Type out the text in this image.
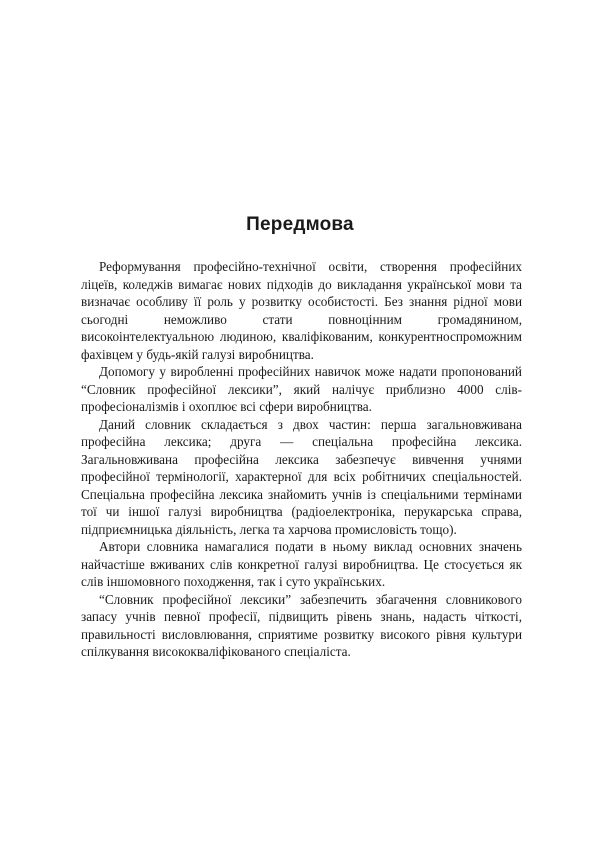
Передмова

Реформування професійно-технічної освіти, створення професійних ліцеїв, коледжів вимагає нових підходів до викладання української мови та визначає особливу її роль у розвитку особистості. Без знання рідної мови сьогодні неможливо стати повноцінним громадянином, високоінтелектуальною людиною, кваліфікованим, конкурентноспроможним фахівцем у будь-якій галузі виробництва.

Допомогу у виробленні професійних навичок може надати пропонований “Словник професійної лексики”, який налічує приблизно 4000 слів-професіоналізмів і охоплює всі сфери виробництва.

Даний словник складається з двох частин: перша загальновживана професійна лексика; друга — спеціальна професійна лексика. Загальновживана професійна лексика забезпечує вивчення учнями професійної термінології, характерної для всіх робітничих спеціальностей. Спеціальна професійна лексика знайомить учнів із спеціальними термінами тої чи іншої галузі виробництва (радіоелектроніка, перукарська справа, підприємницька діяльність, легка та харчова промисловість тощо).

Автори словника намагалися подати в ньому виклад основних значень найчастіше вживаних слів конкретної галузі виробництва. Це стосується як слів іншомовного походження, так і суто українських.

“Словник професійної лексики” забезпечить збагачення словникового запасу учнів певної професії, підвищить рівень знань, надасть чіткості, правильності висловлювання, сприятиме розвитку високого рівня культури спілкування висококваліфікованого спеціаліста.
